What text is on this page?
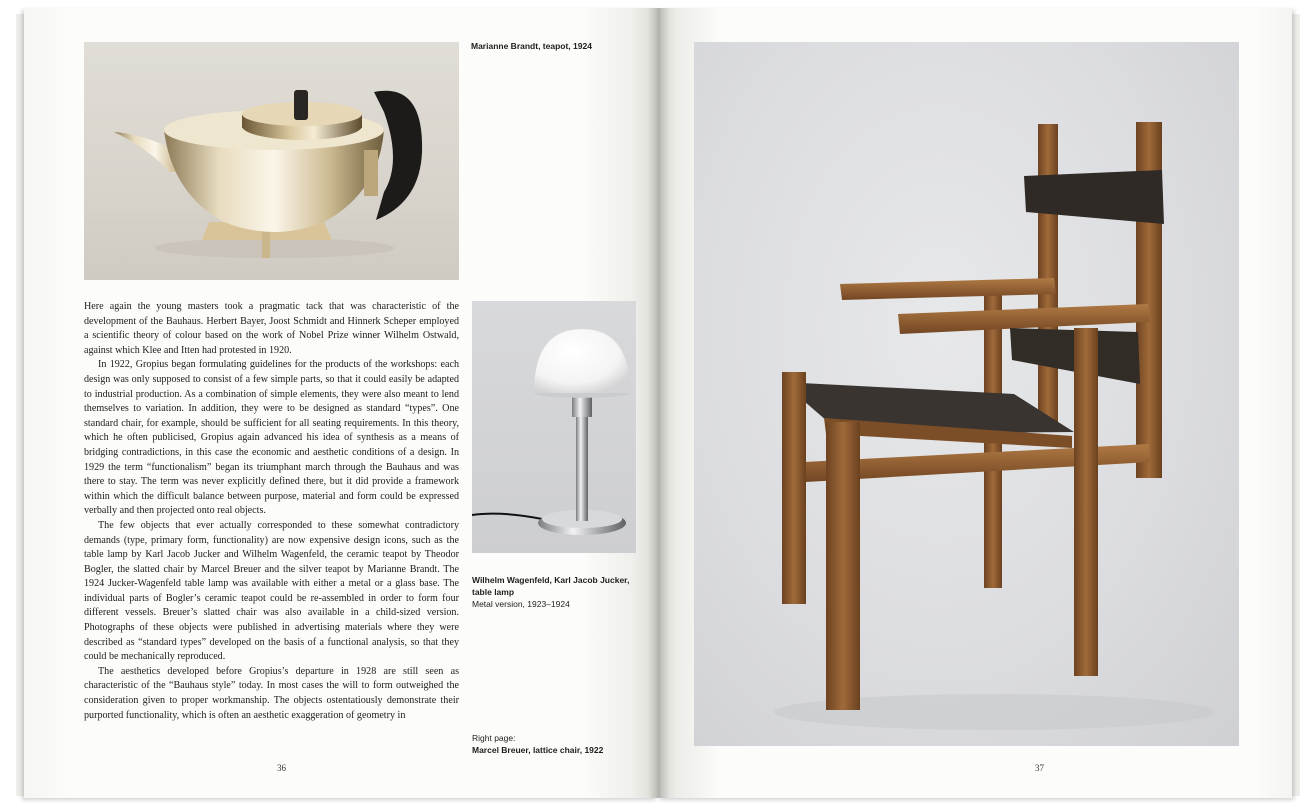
Marianne Brandt, teapot, 1924
Wilhelm Wagenfeld, Karl Jacob Jucker, table lamp
Metal version, 1923–1924

Here again the young masters took a pragmatic tack that was characteristic of the development of the Bauhaus. Herbert Bayer, Joost Schmidt and Hinnerk Scheper employed a scientific theory of colour based on the work of Nobel Prize winner Wilhelm Ostwald, against which Klee and Itten had protested in 1920.

In 1922, Gropius began formulating guidelines for the products of the workshops: each design was only supposed to consist of a few simple parts, so that it could easily be adapted to industrial production. As a combination of simple elements, they were also meant to lend themselves to variation. In addition, they were to be designed as standard “types”. One standard chair, for example, should be sufficient for all seating requirements. In this theory, which he often publicised, Gropius again advanced his idea of synthesis as a means of bridging contradictions, in this case the economic and aesthetic conditions of a design. In 1929 the term “functionalism” began its triumphant march through the Bauhaus and was there to stay. The term was never explicitly defined there, but it did provide a framework within which the difficult balance between purpose, material and form could be expressed verbally and then projected onto real objects.

The few objects that ever actually corresponded to these somewhat contradictory demands (type, primary form, functionality) are now expensive design icons, such as the table lamp by Karl Jacob Jucker and Wilhelm Wagenfeld, the ceramic teapot by Theodor Bogler, the slatted chair by Marcel Breuer and the silver teapot by Marianne Brandt. The 1924 Jucker-Wagenfeld table lamp was available with either a metal or a glass base. The individual parts of Bogler’s ceramic teapot could be re-assembled in order to form four different vessels. Breuer’s slatted chair was also available in a child-sized version. Photographs of these objects were published in advertising materials where they were described as “standard types” developed on the basis of a functional analysis, so that they could be mechanically reproduced.

The aesthetics developed before Gropius’s departure in 1928 are still seen as characteristic of the “Bauhaus style” today. In most cases the will to form outweighed the consideration given to proper workmanship. The objects ostentatiously demonstrate their purported functionality, which is often an aesthetic exaggeration of geometry in

Right page:
Marcel Breuer, lattice chair, 1922
36	37
